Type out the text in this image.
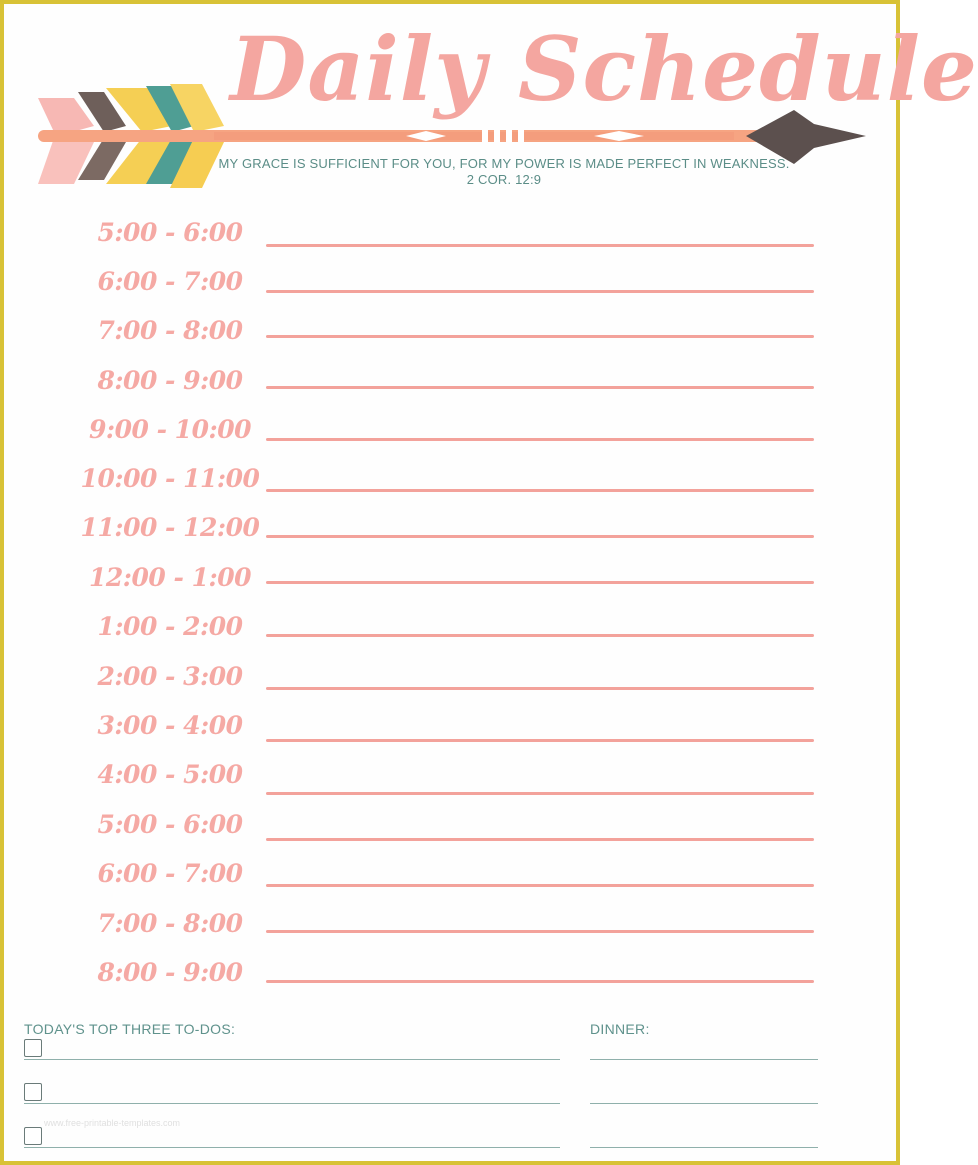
Daily Schedule
MY GRACE IS SUFFICIENT FOR YOU, FOR MY POWER IS MADE PERFECT IN WEAKNESS.
2 COR. 12:9
5:00 - 6:00
6:00 - 7:00
7:00 - 8:00
8:00 - 9:00
9:00 - 10:00
10:00 - 11:00
11:00 - 12:00
12:00 - 1:00
1:00 - 2:00
2:00 - 3:00
3:00 - 4:00
4:00 - 5:00
5:00 - 6:00
6:00 - 7:00
7:00 - 8:00
8:00 - 9:00
TODAY'S TOP THREE TO-DOS:	DINNER:
www.free-printable-templates.com
